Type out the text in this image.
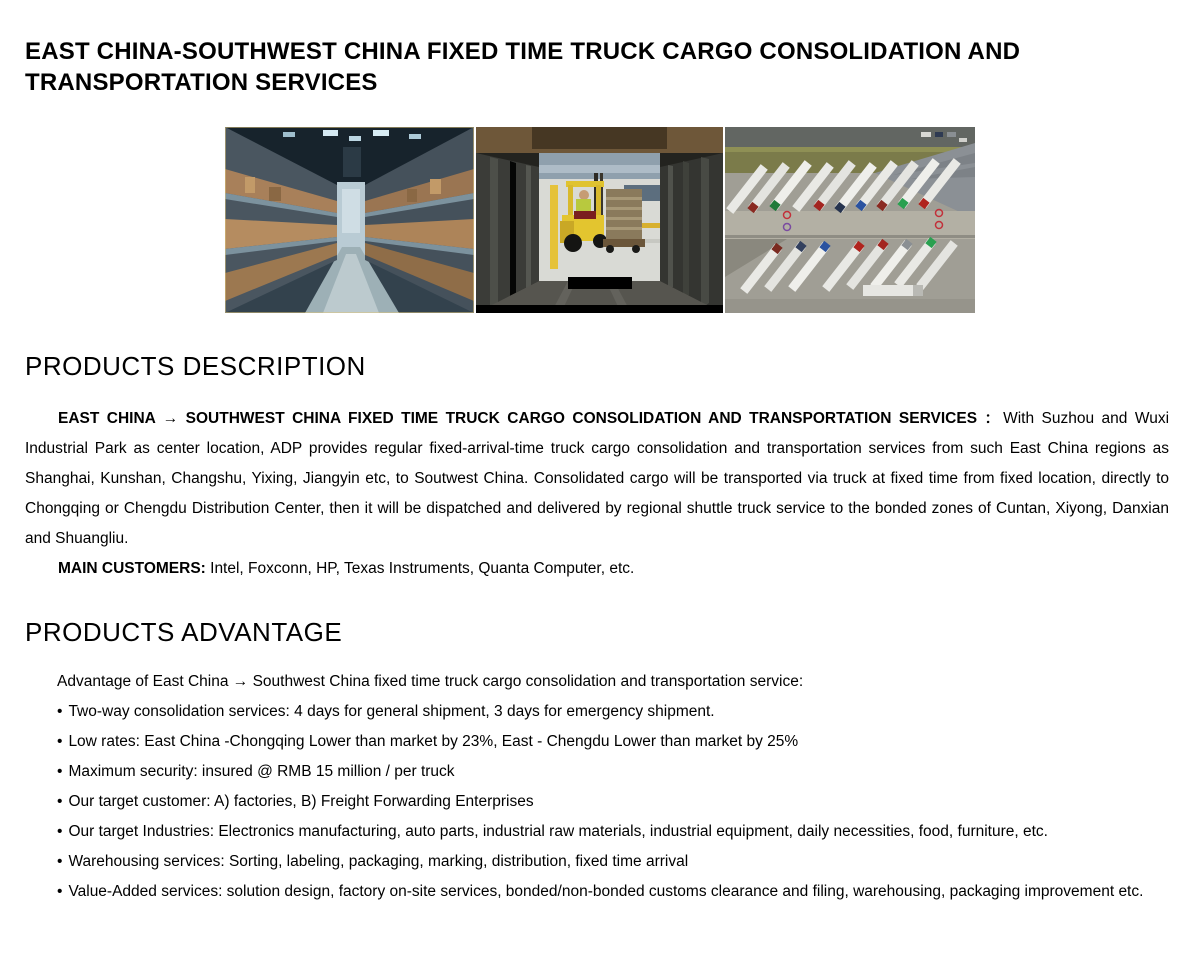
EAST CHINA-SOUTHWEST CHINA FIXED TIME TRUCK CARGO CONSOLIDATION AND TRANSPORTATION SERVICES
PRODUCTS DESCRIPTION

EAST CHINA → SOUTHWEST CHINA FIXED TIME TRUCK CARGO CONSOLIDATION AND TRANSPORTATION SERVICES ：With Suzhou and Wuxi Industrial Park as center location, ADP provides regular fixed-arrival-time truck cargo consolidation and transportation services from such East China regions as Shanghai, Kunshan, Changshu, Yixing, Jiangyin etc, to Soutwest China. Consolidated cargo will be transported via truck at fixed time from fixed location, directly to Chongqing or Chengdu Distribution Center, then it will be dispatched and delivered by regional shuttle truck service to the bonded zones of Cuntan, Xiyong, Danxian and Shuangliu.

MAIN CUSTOMERS: Intel, Foxconn, HP, Texas Instruments, Quanta Computer, etc.

PRODUCTS ADVANTAGE
Advantage of East China → Southwest China fixed time truck cargo consolidation and transportation service:
• Two-way consolidation services: 4 days for general shipment, 3 days for emergency shipment.
• Low rates: East China -Chongqing Lower than market by 23%, East - Chengdu Lower than market by 25%
• Maximum security: insured @ RMB 15 million / per truck
• Our target customer: A) factories, B) Freight Forwarding Enterprises
• Our target Industries: Electronics manufacturing, auto parts, industrial raw materials, industrial equipment, daily necessities, food, furniture, etc.
• Warehousing services: Sorting, labeling, packaging, marking, distribution, fixed time arrival
• Value-Added services: solution design, factory on-site services, bonded/non-bonded customs clearance and filing, warehousing, packaging improvement etc.
